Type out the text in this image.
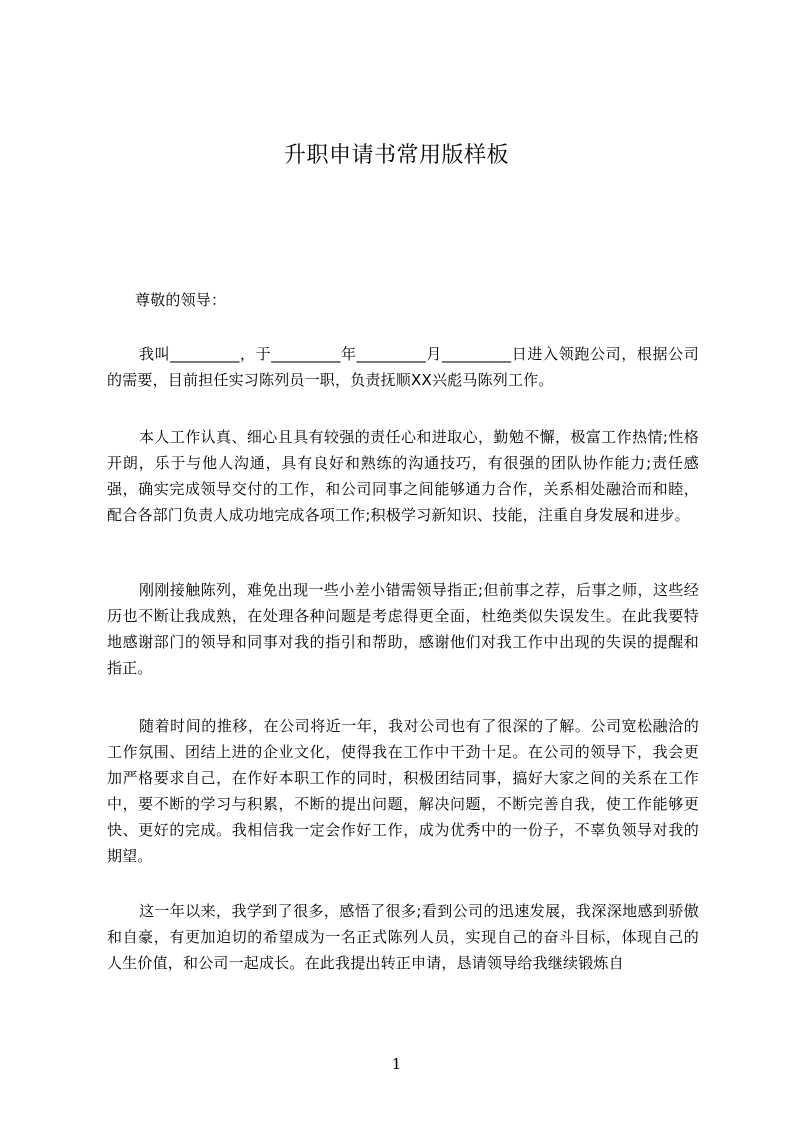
升职申请书常用版样板
尊敬的领导：
我叫_________，于_________年_________月_________日进入领跑公司，根据公司的需要，目前担任实习陈列员一职，负责抚顺XX兴彪马陈列工作。
本人工作认真、细心且具有较强的责任心和进取心，勤勉不懈，极富工作热情;性格开朗，乐于与他人沟通，具有良好和熟练的沟通技巧，有很强的团队协作能力;责任感强，确实完成领导交付的工作，和公司同事之间能够通力合作，关系相处融洽而和睦，配合各部门负责人成功地完成各项工作;积极学习新知识、技能，注重自身发展和进步。
刚刚接触陈列，难免出现一些小差小错需领导指正;但前事之荐，后事之师，这些经历也不断让我成熟，在处理各种问题是考虑得更全面，杜绝类似失误发生。在此我要特地感谢部门的领导和同事对我的指引和帮助，感谢他们对我工作中出现的失误的提醒和指正。
随着时间的推移，在公司将近一年，我对公司也有了很深的了解。公司宽松融洽的工作氛围、团结上进的企业文化，使得我在工作中干劲十足。在公司的领导下，我会更加严格要求自己，在作好本职工作的同时，积极团结同事，搞好大家之间的关系在工作中，要不断的学习与积累，不断的提出问题，解决问题，不断完善自我，使工作能够更快、更好的完成。我相信我一定会作好工作，成为优秀中的一份子，不辜负领导对我的期望。
这一年以来，我学到了很多，感悟了很多;看到公司的迅速发展，我深深地感到骄傲和自豪，有更加迫切的希望成为一名正式陈列人员，实现自己的奋斗目标，体现自己的人生价值，和公司一起成长。在此我提出转正申请，恳请领导给我继续锻炼自
1
